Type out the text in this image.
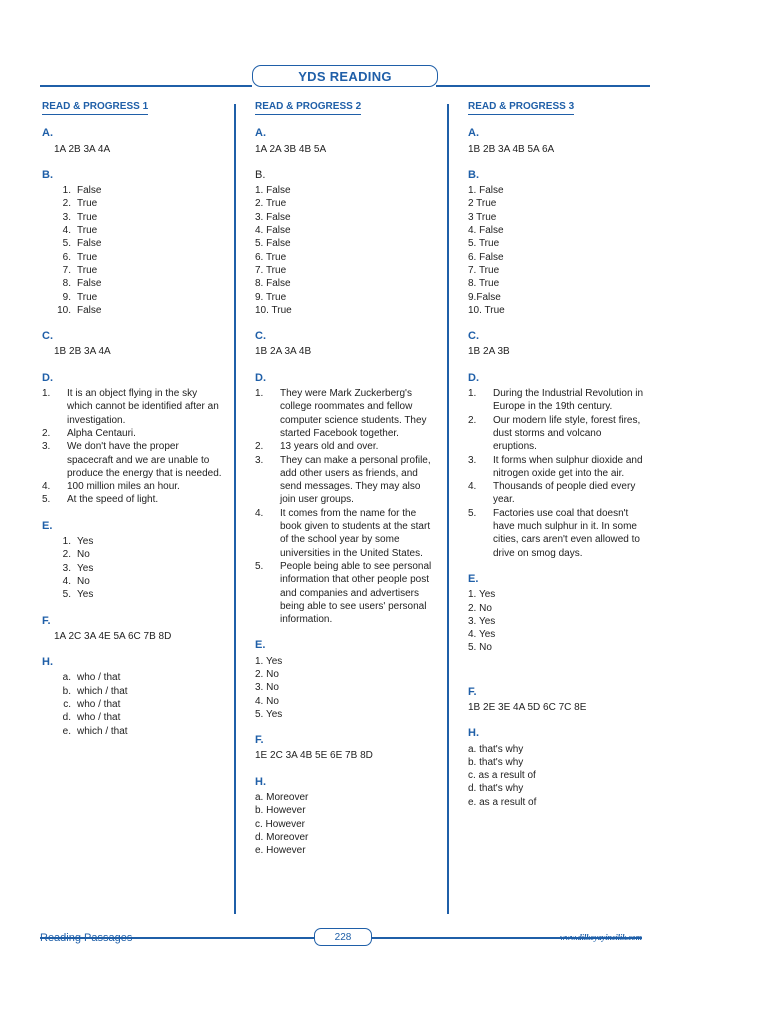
YDS READING
READ & PROGRESS 1
A.
1A 2B 3A 4A
B.
1. False
2. True
3. True
4. True
5. False
6. True
7. True
8. False
9. True
10. False
C.
1B 2B 3A 4A
D.
1.	It is an object flying in the sky which cannot be identified after an investigation.
2.	Alpha Centauri.
3.	We don't have the proper spacecraft and we are unable to produce the energy that is needed.
4.	100 million miles an hour.
5.	At the speed of light.
E.
1. Yes
2. No
3. Yes
4. No
5. Yes
F.
1A 2C 3A 4E 5A 6C 7B 8D
H.
a. who / that
b. which / that
c. who / that
d. who / that
e. which / that
READ & PROGRESS 2
A.
1A 2A 3B 4B 5A
B.
1. False
2. True
3. False
4. False
5. False
6. True
7. True
8. False
9. True
10. True
C.
1B 2A 3A 4B
D.
1.	They were Mark Zuckerberg's college roommates and fellow computer science students. They started Facebook together.
2.	13 years old and over.
3.	They can make a personal profile, add other users as friends, and send messages. They may also join user groups.
4.	It comes from the name for the book given to students at the start of the school year by some universities in the United States.
5.	People being able to see personal information that other people post and companies and advertisers being able to see users' personal information.
E.
1. Yes
2. No
3. No
4. No
5. Yes
F.
1E 2C 3A 4B 5E 6E 7B 8D
H.
a. Moreover
b. However
c. However
d. Moreover
e. However
READ & PROGRESS 3
A.
1B 2B 3A 4B 5A 6A
B.
1. False
2 True
3 True
4. False
5. True
6. False
7. True
8. True
9.False
10. True
C.
1B 2A 3B
D.
1.	During the Industrial Revolution in Europe in the 19th century.
2.	Our modern life style, forest fires, dust storms and volcano eruptions.
3.	It forms when sulphur dioxide and nitrogen oxide get into the air.
4.	Thousands of people died every year.
5.	Factories use coal that doesn't have much sulphur in it. In some cities, cars aren't even allowed to drive on smog days.
E.
1. Yes
2. No
3. Yes
4. Yes
5. No
F.
1B 2E 3E 4A 5D 6C 7C 8E
H.
a. that's why
b. that's why
c. as a result of
d. that's why
e. as a result of
Reading Passages	228	www.dilkoyayincilik.com
